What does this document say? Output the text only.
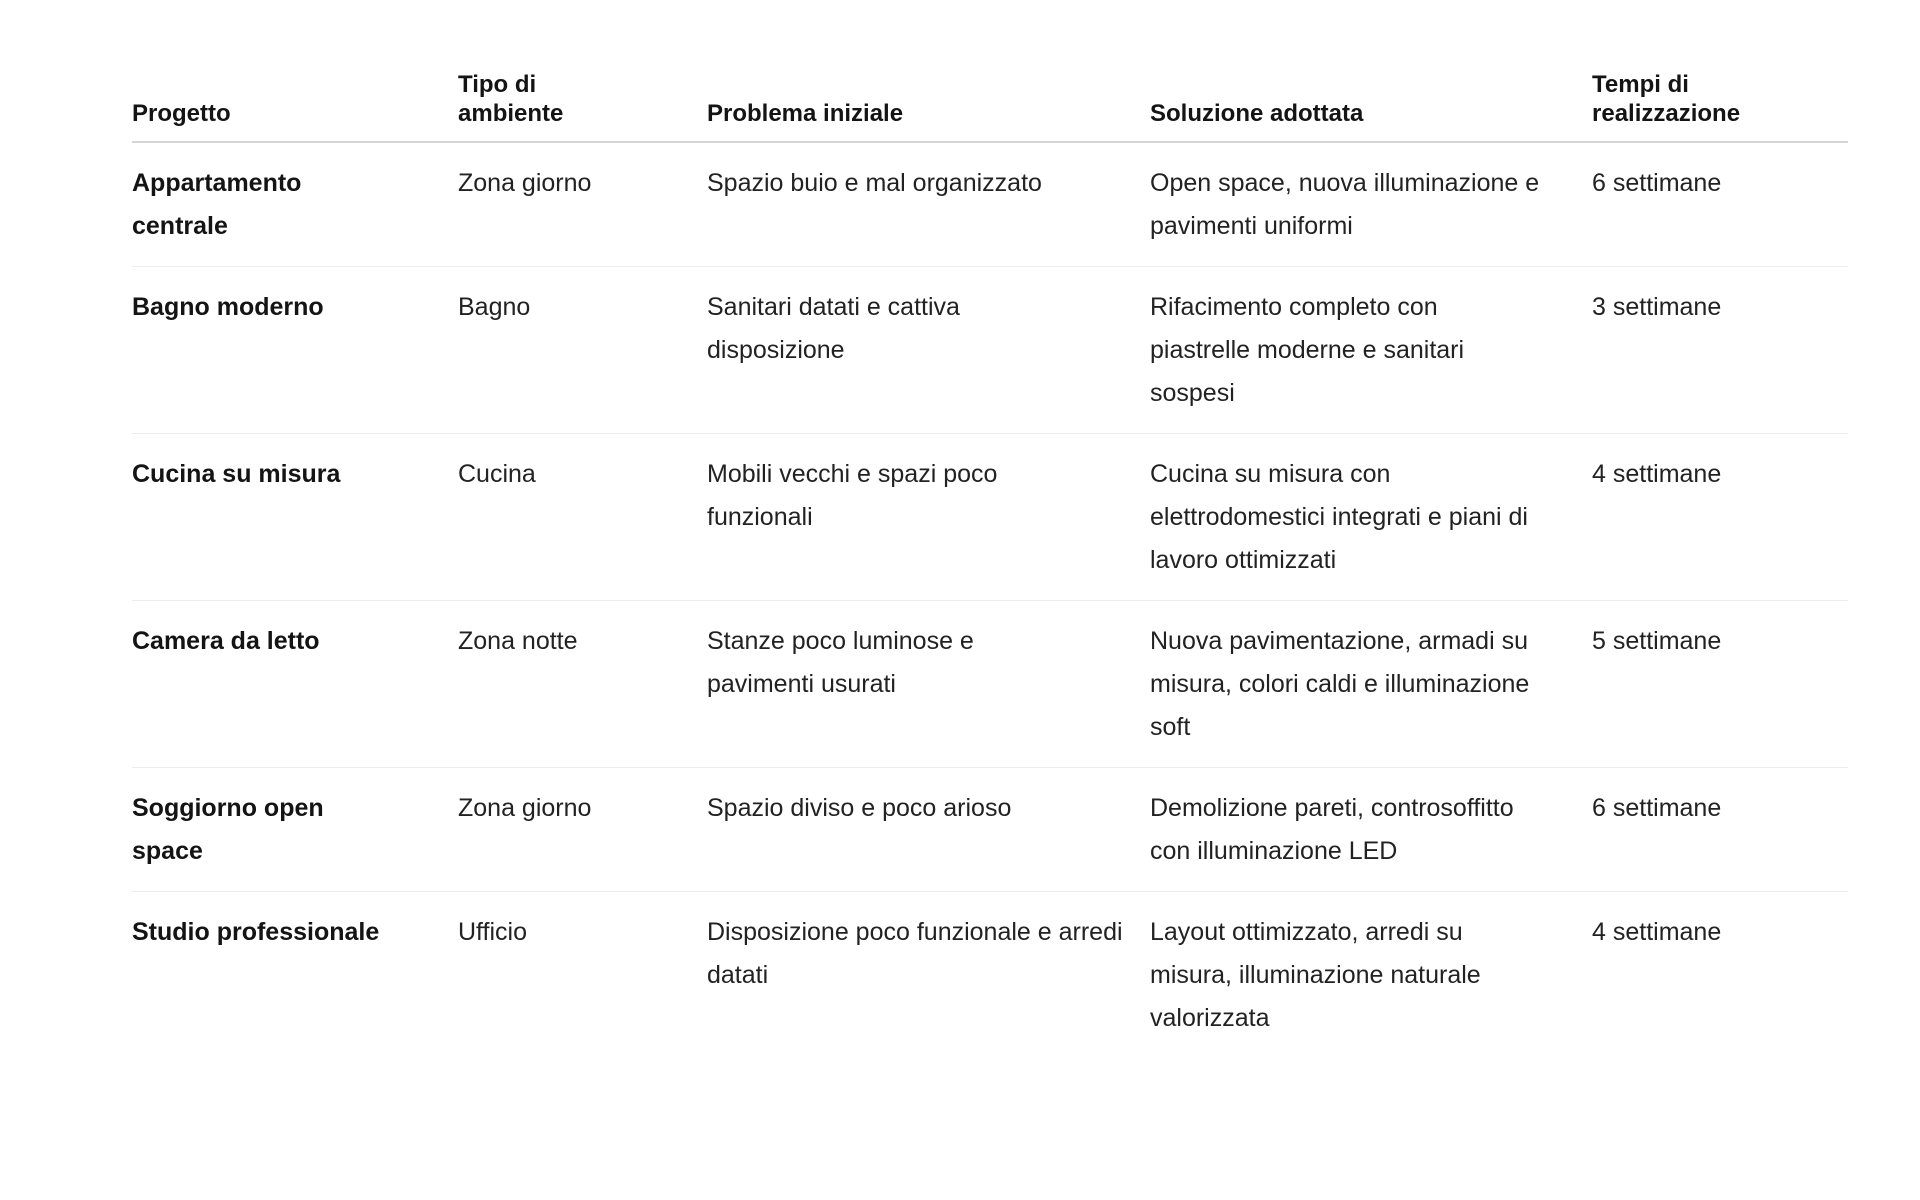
Progetto	Tipo di ambiente	Problema iniziale	Soluzione adottata	Tempi di realizzazione

Appartamento centrale	Zona giorno	Spazio buio e mal organizzato	Open space, nuova illuminazione e pavimenti uniformi	6 settimane
Bagno moderno	Bagno	Sanitari datati e cattiva disposizione	Rifacimento completo con piastrelle moderne e sanitari sospesi	3 settimane
Cucina su misura	Cucina	Mobili vecchi e spazi poco funzionali	Cucina su misura con elettrodomestici integrati e piani di lavoro ottimizzati	4 settimane
Camera da letto	Zona notte	Stanze poco luminose e pavimenti usurati	Nuova pavimentazione, armadi su misura, colori caldi e illuminazione soft	5 settimane

Soggiorno open space	Zona giorno	Spazio diviso e poco arioso	Demolizione pareti, controsoffitto con illuminazione LED	6 settimane
Studio professionale	Ufficio	Disposizione poco funzionale e arredi datati	Layout ottimizzato, arredi su misura, illuminazione naturale valorizzata	4 settimane
